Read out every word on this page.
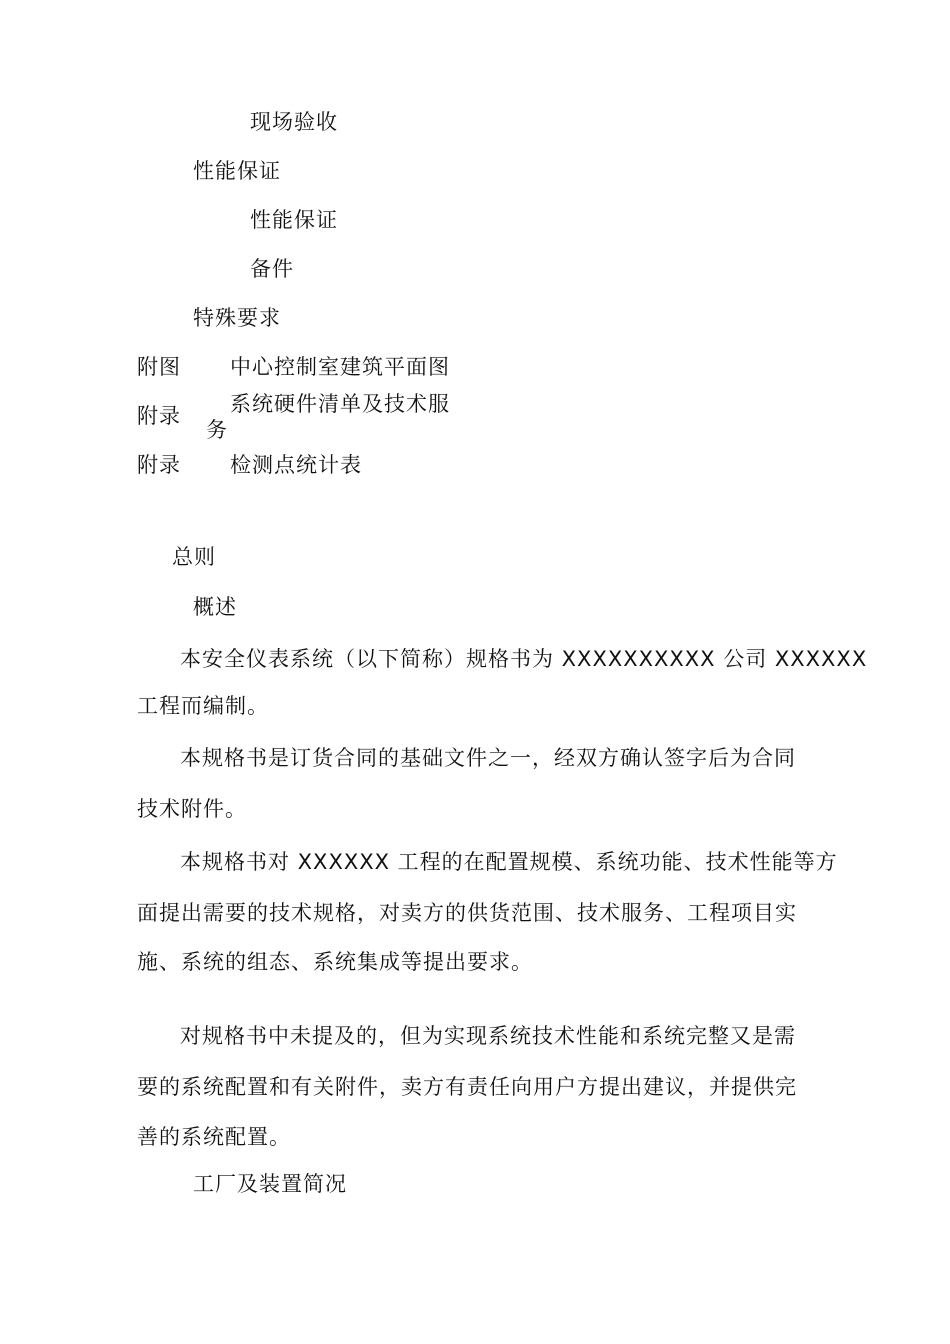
现场验收
性能保证
性能保证
备件
特殊要求
附图 中心控制室建筑平面图
附录 系统硬件清单及技术服
务
附录 检测点统计表
总则
概述
本安全仪表系统（以下简称）规格书为 XXXXXXXXXX 公司 XXXXXX
工程而编制。
本规格书是订货合同的基础文件之一，经双方确认签字后为合同
技术附件。
本规格书对 XXXXXX 工程的在配置规模、系统功能、技术性能等方
面提出需要的技术规格，对卖方的供货范围、技术服务、工程项目实
施、系统的组态、系统集成等提出要求。
对规格书中未提及的，但为实现系统技术性能和系统完整又是需
要的系统配置和有关附件，卖方有责任向用户方提出建议，并提供完
善的系统配置。
工厂及装置简况
